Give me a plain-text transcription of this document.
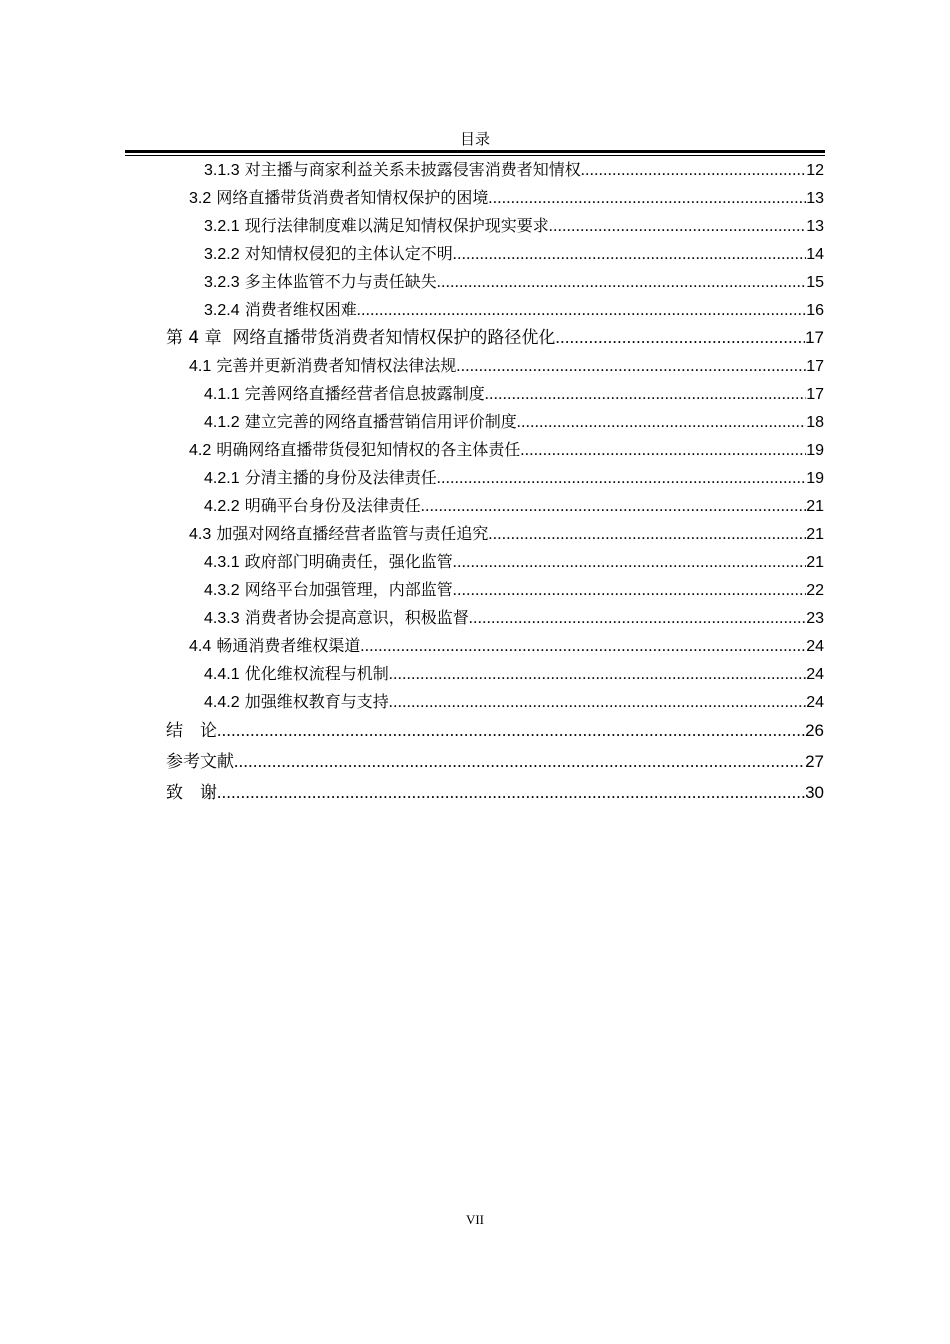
目录
3.1.3 对主播与商家利益关系未披露侵害消费者知情权 .....	12
3.2 网络直播带货消费者知情权保护的困境 .....	13
3.2.1 现行法律制度难以满足知情权保护现实要求 .....	13
3.2.2 对知情权侵犯的主体认定不明 .....	14
3.2.3 多主体监管不力与责任缺失 .....	15
3.2.4 消费者维权困难 .....	16
第 4 章 网络直播带货消费者知情权保护的路径优化 .....	17
4.1 完善并更新消费者知情权法律法规 .....	17
4.1.1 完善网络直播经营者信息披露制度 .....	17
4.1.2 建立完善的网络直播营销信用评价制度 .....	18
4.2 明确网络直播带货侵犯知情权的各主体责任 .....	19
4.2.1 分清主播的身份及法律责任 .....	19
4.2.2 明确平台身份及法律责任 .....	21
4.3 加强对网络直播经营者监管与责任追究 .....	21
4.3.1 政府部门明确责任，强化监管 .....	21
4.3.2 网络平台加强管理，内部监管 .....	22
4.3.3 消费者协会提高意识，积极监督 .....	23
4.4 畅通消费者维权渠道 .....	24
4.4.1 优化维权流程与机制 .....	24
4.4.2 加强维权教育与支持 .....	24
结　论 .....	26
参考文献 .....	27
致　谢 .....	30
VII
